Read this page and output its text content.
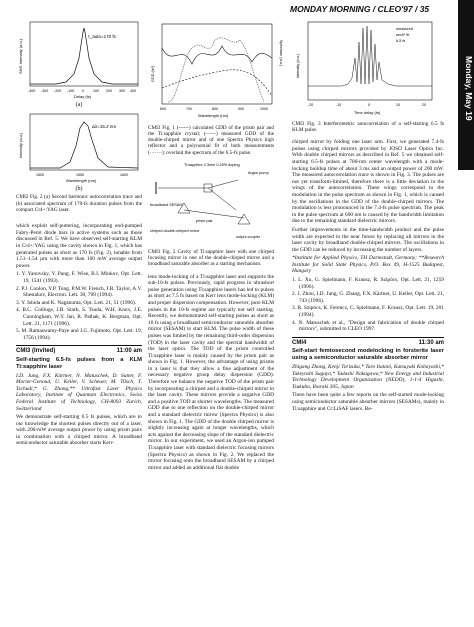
MONDAY MORNING / CLEO'97 / 35
Monday, May 19
τ_auto=170 fs
SHG Intensity (a.u.)
-400 -300 -200 -100 0	100 200 300 400
Delay (fs)
(a)
Δλ=15.2 nm
Intensity (a.u.)
1500	1550	1600
Wavelength (nm)
(b)

CMI2 Fig. 2 (a) Second harmonic autocorrelation trace and (b) associated spectrum of 170-fs duration pulses from the compact Cr4+:YAG laser.

which exploit self-puttering, incorporating end-pumped Fabry-Perot diode bars in active systems such as those discussed in Ref. 5. We have observed self-starting KLM in Cr4+:YAG using the cavity shown in Fig. 1, which has generated pulses as short as 170 fs (Fig. 2), tunable from 1.51–1.54 µm with more than 100 mW average output power.

1. Y. Yanovsky, Y. Pang, F. Wise, B.I. Minkov, Opt. Lett. 19, 1541 (1993).

2. P.J. Conlon, Y.P. Tong, P.M.W. French, J.R. Taylor, A.V. Shestakov, Electron. Lett. 30, 709 (1994).

3. Y. Ishida and K. Naganuma, Opt. Lett. 21, 51 (1996).

4. B.C. Collings, J.B. Stark, S. Tsuda, W.H. Knox, J.E. Cunningham, W.Y. Jan, R. Pathak, K. Bergman, Opt. Lett. 21, 1171 (1996).

5. M. Ramaswamy-Paye and J.G. Fujimoto, Opt. Lett. 19, 1756 (1994).

CMI3 (Invited)	11:00 am
Self-starting 6.5-fs pulses from a KLM Ti:sapphire laser

I.D. Jung, F.X. Kärtner, N. Matuschek, D. Sutter, F. Morier-Genoud, U. Keller, V. Scheuer, M. Tilsch, T. Tschudi,* G. Zhang,** Ultrafast Laser Physics Laboratory, Institute of Quantum Electronics, Swiss Federal Institute of Technology, CH-8093 Zurich, Switzerland

We demonstrate self-starting 6.5 fs pulses, which are to our knowledge the shortest pulses directly out of a laser, with 200-mW average output power by using prism pairs in combination with a chirped mirror. A broadband semiconductor saturable absorber starts Kerr-

GDD (fs²)
Spectrum (a.u.)
600	700	800	900	1000
Wavelength (nm)

CMI3 Fig. 1 (------) calculated GDD of the prism pair and the Ti:sapphire crystal; (——) measured GDD of the double-chirped mirror and of one Spectra Physics high reflector and a polynomial fit of both measurements (·······); overlaid the spectrum of the 6.5-fs pulse.

Ti:sapphire 2.3mm 0.25% doping
Argon pump
broadband SESAM
prism pair
chirped double-chirped mirror
output coupler

CMI3 Fig. 2 Cavity of Ti:sapphire laser with one chirped focusing mirror in one of the double-chirped mirror and a broadband saturable absorber as a starting mechanism.

lens mode-locking of a Ti:sapphire laser and supports the sub-10-fs pulses. Previously, rapid progress in ultrashort pulse generation using Ti:sapphire lasers has led to pulses as short as 7.5 fs based on Kerr lens mode-locking (KLM) and proper dispersion compensation. However, pure KLM pulses in the 10-fs regime are typically not self starting. Recently, we demonstrated self-starting pulses as short as 10 fs using a broadband semiconductor saturable absorber mirror (SESAM) to start KLM. The pulse width of these pulses was limited by the remaining third-order dispersion (TOD) in the laser cavity and the spectral bandwidth of the laser optics. The TOD of the prism controlled Ti:sapphire laser is mainly caused by the prism pair as shown in Fig. 1. However, the advantage of using prisms in a laser is that they allow a fine adjustment of the necessary negative group delay dispersion (GDD). Therefore we balance the negative TOD of the prism pair by incorporating a chirped and a double-chirped mirror in the laser cavity. These mirrors provide a negative GDD and a positive TOD at shorter wavelengths. The measured GDD due to one reflection on the double-chirped mirror and a standard dielectric mirror (Spectra Physics) is also shown in Fig. 1. The GDD of the double chirped mirror is slightly increasing again at longer wavelengths, which acts against the decreasing slope of the standard dielectric mirror. In our experiment, we used an Argon-ion pumped Ti:sapphire laser with standard dielectric focusing mirrors (Spectra Physics) as shown in Fig. 2. We replaced the mirror focusing onto the broadband SESAM by a chirped mirror and added an additional flat double

measured
sech² fit
6.5 fs
Intensity (a.u.)
-20	-10	0	10	20
Time delay (fs)

CMI3 Fig. 3 Interferometric autocorrelation of a self-starting 6.5 fs KLM pulse.

chirped mirror by folding one laser arm. First, we generated 7.4-fs pulses using chirped mirrors provided by JOSO Laser Optics Inc. With double chirped mirrors as described in Ref. 5 we obtained self-starting 6.5-fs pulses at 780-nm center wavelength with a mode-locking buildup time of about 3 ms and an output power of 200 mW. The measured autocorrelation trace is shown in Fig. 3. The pulses are not yet transform-limited, therefore there is a little deviation in the wings of the autocorrelation. These wings correspond to the modulation in the pulse spectrum as shown in Fig. 1, which is caused by the oscillations in the GDD of the double-chirped mirrors. The modulation is less pronounced in the 7.4-fs pulse spectrum. The peak in the pulse spectrum at 690 nm is caused by the bandwidth limitation due to the remaining standard dielectric mirrors.

Further improvements in the time-bandwidth product and the pulse width are expected in the near future by replacing all mirrors in the laser cavity by broadband double-chirped mirrors. The oscillations in the GDD can be reduced by increasing the number of layers.

*Institute for Applied Physics, TH Darmstadt, Germany; **Research Institute for Solid State Physics, P.O. Box 49, H-1525 Budapest, Hungary

1. L. Xu, G. Spielmann, F. Krausz, R. Szipöcs, Opt. Lett. 21, 1259 (1996).

2. J. Zhou, I.D. Jung, G. Zhang, F.X. Kärtner, U. Keller, Opt. Lett. 21, 743 (1996).

3. R. Szipöcs, K. Ferencz, C. Spielmann, F. Krausz, Opt. Lett. 19, 201 (1994).

4. N. Matuschek et al., "Design and fabrication of double chirped mirrors", submitted to CLEO 1997.

CMI4	11:30 am
Self-start femtosecond modelocking in forsterite laser using a semiconductor saturable absorber mirror

Zhigang Zhang, Kenji Torizuka,* Taro Itatani, Katsuyuki Kobayashi,* Takeyoshi Sugaya,* Tadashi Nakagawa,* New Energy and Industrial Technology Development Organization (NEDO), 1-1-4 Higashi, Tsukuba, Ibaraki 305, Japan

There have been quite a few reports on the self-started mode-locking using semiconductor saturable absorber mirrors (SESAMs), mainly in Ti:sapphire and Cr:LiSAF lasers. Re-
